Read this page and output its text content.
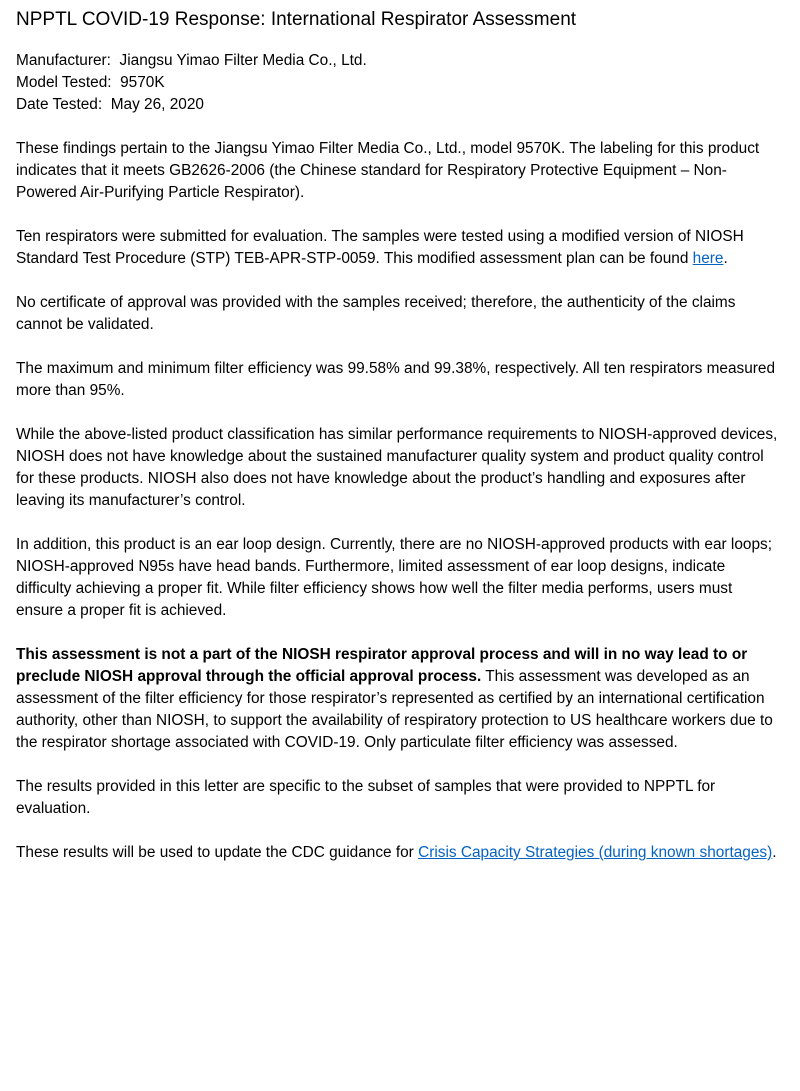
NPPTL COVID-19 Response: International Respirator Assessment
Manufacturer: Jiangsu Yimao Filter Media Co., Ltd.
Model Tested: 9570K
Date Tested: May 26, 2020

These findings pertain to the Jiangsu Yimao Filter Media Co., Ltd., model 9570K. The labeling for this product indicates that it meets GB2626-2006 (the Chinese standard for Respiratory Protective Equipment – Non-Powered Air-Purifying Particle Respirator).

Ten respirators were submitted for evaluation. The samples were tested using a modified version of NIOSH Standard Test Procedure (STP) TEB-APR-STP-0059. This modified assessment plan can be found here.

No certificate of approval was provided with the samples received; therefore, the authenticity of the claims cannot be validated.

The maximum and minimum filter efficiency was 99.58% and 99.38%, respectively. All ten respirators measured more than 95%.

While the above-listed product classification has similar performance requirements to NIOSH-approved devices, NIOSH does not have knowledge about the sustained manufacturer quality system and product quality control for these products. NIOSH also does not have knowledge about the product’s handling and exposures after leaving its manufacturer’s control.

In addition, this product is an ear loop design. Currently, there are no NIOSH-approved products with ear loops; NIOSH-approved N95s have head bands. Furthermore, limited assessment of ear loop designs, indicate difficulty achieving a proper fit. While filter efficiency shows how well the filter media performs, users must ensure a proper fit is achieved.

This assessment is not a part of the NIOSH respirator approval process and will in no way lead to or preclude NIOSH approval through the official approval process. This assessment was developed as an assessment of the filter efficiency for those respirator’s represented as certified by an international certification authority, other than NIOSH, to support the availability of respiratory protection to US healthcare workers due to the respirator shortage associated with COVID-19. Only particulate filter efficiency was assessed.

The results provided in this letter are specific to the subset of samples that were provided to NPPTL for evaluation.

These results will be used to update the CDC guidance for Crisis Capacity Strategies (during known shortages).
